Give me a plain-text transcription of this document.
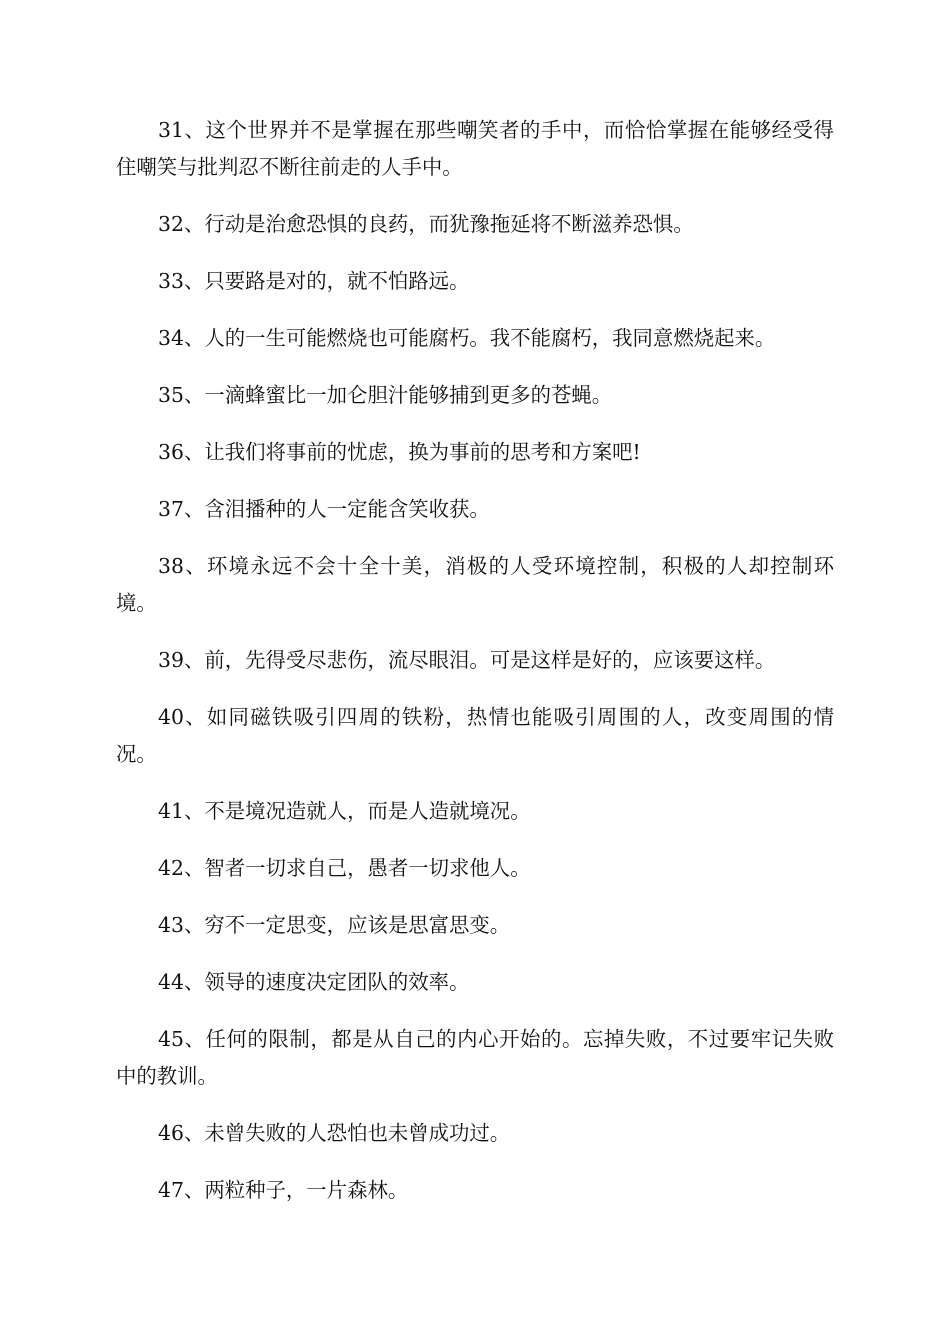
31、这个世界并不是掌握在那些嘲笑者的手中，而恰恰掌握在能够经受得住嘲笑与批判忍不断往前走的人手中。

32、行动是治愈恐惧的良药，而犹豫拖延将不断滋养恐惧。

33、只要路是对的，就不怕路远。

34、人的一生可能燃烧也可能腐朽。我不能腐朽，我同意燃烧起来。

35、一滴蜂蜜比一加仑胆汁能够捕到更多的苍蝇。

36、让我们将事前的忧虑，换为事前的思考和方案吧!

37、含泪播种的人一定能含笑收获。

38、环境永远不会十全十美，消极的人受环境控制，积极的人却控制环境。

39、前，先得受尽悲伤，流尽眼泪。可是这样是好的，应该要这样。

40、如同磁铁吸引四周的铁粉，热情也能吸引周围的人，改变周围的情况。

41、不是境况造就人，而是人造就境况。

42、智者一切求自己，愚者一切求他人。

43、穷不一定思变，应该是思富思变。

44、领导的速度决定团队的效率。

45、任何的限制，都是从自己的内心开始的。忘掉失败，不过要牢记失败中的教训。

46、未曾失败的人恐怕也未曾成功过。

47、两粒种子，一片森林。
